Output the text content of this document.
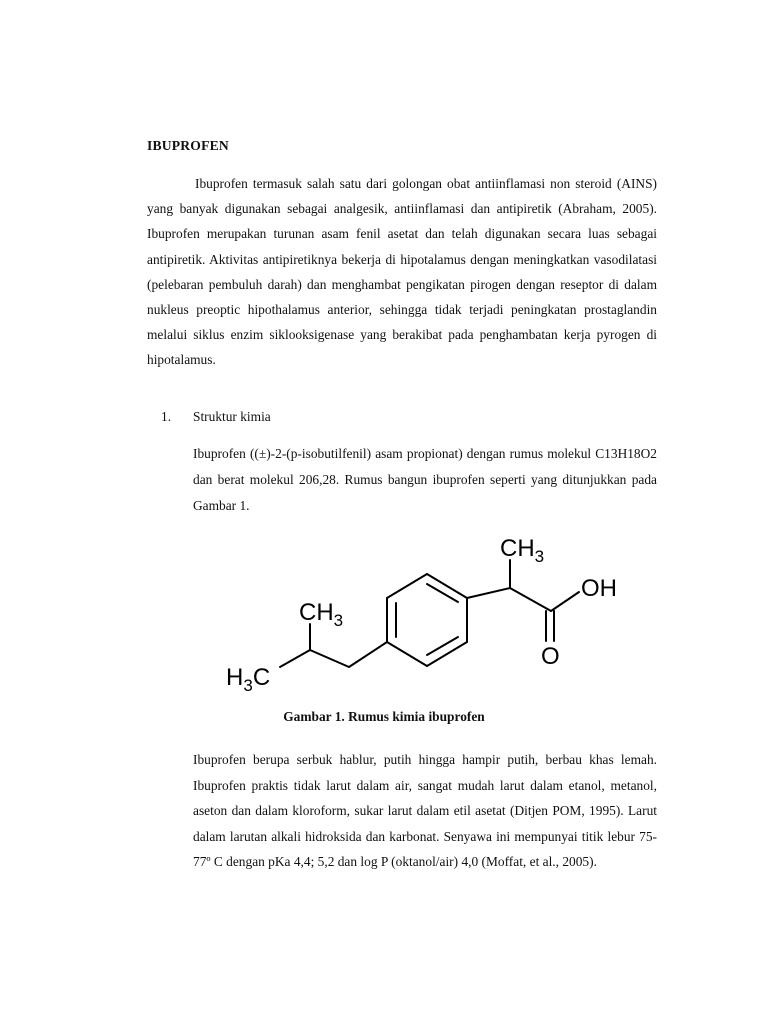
IBUPROFEN

Ibuprofen termasuk salah satu dari golongan obat antiinflamasi non steroid (AINS) yang banyak digunakan sebagai analgesik, antiinflamasi dan antipiretik (Abraham, 2005). Ibuprofen merupakan turunan asam fenil asetat dan telah digunakan secara luas sebagai antipiretik. Aktivitas antipiretiknya bekerja di hipotalamus dengan meningkatkan vasodilatasi (pelebaran pembuluh darah) dan menghambat pengikatan pirogen dengan reseptor di dalam nukleus preoptic hipothalamus anterior, sehingga tidak terjadi peningkatan prostaglandin melalui siklus enzim siklooksigenase yang berakibat pada penghambatan kerja pyrogen di hipotalamus.

1.	Struktur kimia

Ibuprofen ((±)-2-(p-isobutilfenil) asam propionat) dengan rumus molekul C13H18O2 dan berat molekul 206,28. Rumus bangun ibuprofen seperti yang ditunjukkan pada Gambar 1.

$CH_3$
OH
O
$CH_3$
$H_3C$
Gambar 1. Rumus kimia ibuprofen

Ibuprofen berupa serbuk hablur, putih hingga hampir putih, berbau khas lemah. Ibuprofen praktis tidak larut dalam air, sangat mudah larut dalam etanol, metanol, aseton dan dalam kloroform, sukar larut dalam etil asetat (Ditjen POM, 1995). Larut dalam larutan alkali hidroksida dan karbonat. Senyawa ini mempunyai titik lebur 75-77º C dengan pKa 4,4; 5,2 dan log P (oktanol/air) 4,0 (Moffat, et al., 2005).
